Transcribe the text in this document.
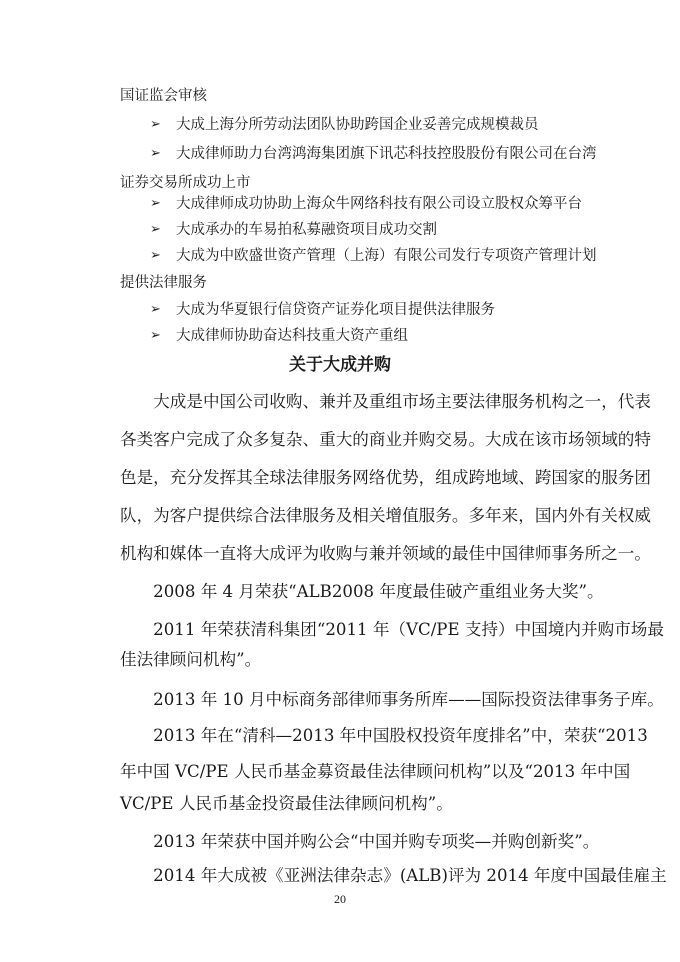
国证监会审核
➢ 大成上海分所劳动法团队协助跨国企业妥善完成规模裁员
➢ 大成律师助力台湾鸿海集团旗下讯芯科技控股股份有限公司在台湾
证券交易所成功上市
➢ 大成律师成功协助上海众牛网络科技有限公司设立股权众筹平台
➢ 大成承办的车易拍私募融资项目成功交割
➢ 大成为中欧盛世资产管理（上海）有限公司发行专项资产管理计划
提供法律服务
➢ 大成为华夏银行信贷资产证券化项目提供法律服务
➢ 大成律师协助奋达科技重大资产重组
关于大成并购
　　大成是中国公司收购、兼并及重组市场主要法律服务机构之一，代表
各类客户完成了众多复杂、重大的商业并购交易。大成在该市场领域的特
色是，充分发挥其全球法律服务网络优势，组成跨地域、跨国家的服务团
队，为客户提供综合法律服务及相关增值服务。多年来，国内外有关权威
机构和媒体一直将大成评为收购与兼并领域的最佳中国律师事务所之一。
　　2008 年 4 月荣获“ALB2008 年度最佳破产重组业务大奖”。
　　2011 年荣获清科集团“2011 年（VC/PE 支持）中国境内并购市场最
佳法律顾问机构”。
　　2013 年 10 月中标商务部律师事务所库——国际投资法律事务子库。
　　2013 年在“清科—2013 年中国股权投资年度排名”中，荣获“2013
年中国 VC/PE 人民币基金募资最佳法律顾问机构”以及“2013 年中国
VC/PE 人民币基金投资最佳法律顾问机构”。
　　2013 年荣获中国并购公会“中国并购专项奖—并购创新奖”。
　　2014 年大成被《亚洲法律杂志》(ALB)评为 2014 年度中国最佳雇主
20
